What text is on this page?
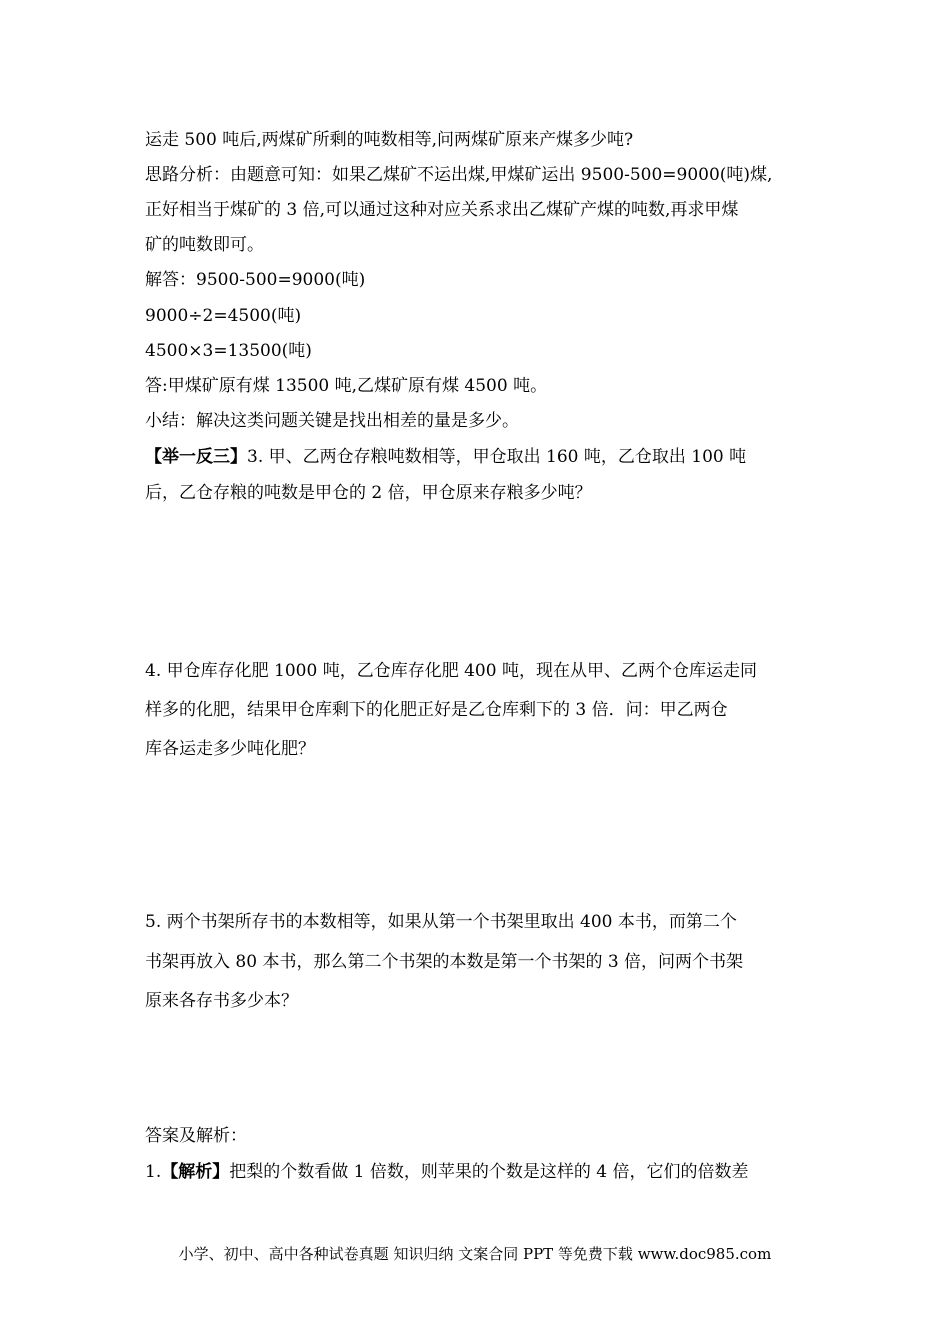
运走 500 吨后,两煤矿所剩的吨数相等,问两煤矿原来产煤多少吨?
思路分析：由题意可知：如果乙煤矿不运出煤,甲煤矿运出 9500-500=9000(吨)煤,
正好相当于煤矿的 3 倍,可以通过这种对应关系求出乙煤矿产煤的吨数,再求甲煤
矿的吨数即可。
解答：9500-500=9000(吨)
9000÷2=4500(吨)
4500×3=13500(吨)
答:甲煤矿原有煤 13500 吨,乙煤矿原有煤 4500 吨。
小结：解决这类问题关键是找出相差的量是多少。
【举一反三】3. 甲、乙两仓存粮吨数相等，甲仓取出 160 吨，乙仓取出 100 吨
后，乙仓存粮的吨数是甲仓的 2 倍，甲仓原来存粮多少吨？
4. 甲仓库存化肥 1000 吨，乙仓库存化肥 400 吨，现在从甲、乙两个仓库运走同
样多的化肥，结果甲仓库剩下的化肥正好是乙仓库剩下的 3 倍．问：甲乙两仓
库各运走多少吨化肥？
5. 两个书架所存书的本数相等，如果从第一个书架里取出 400 本书，而第二个
书架再放入 80 本书，那么第二个书架的本数是第一个书架的 3 倍，问两个书架
原来各存书多少本？
答案及解析：
1.【解析】把梨的个数看做 1 倍数，则苹果的个数是这样的 4 倍，它们的倍数差
小学、初中、高中各种试卷真题 知识归纳 文案合同 PPT 等免费下载 www.doc985.com
